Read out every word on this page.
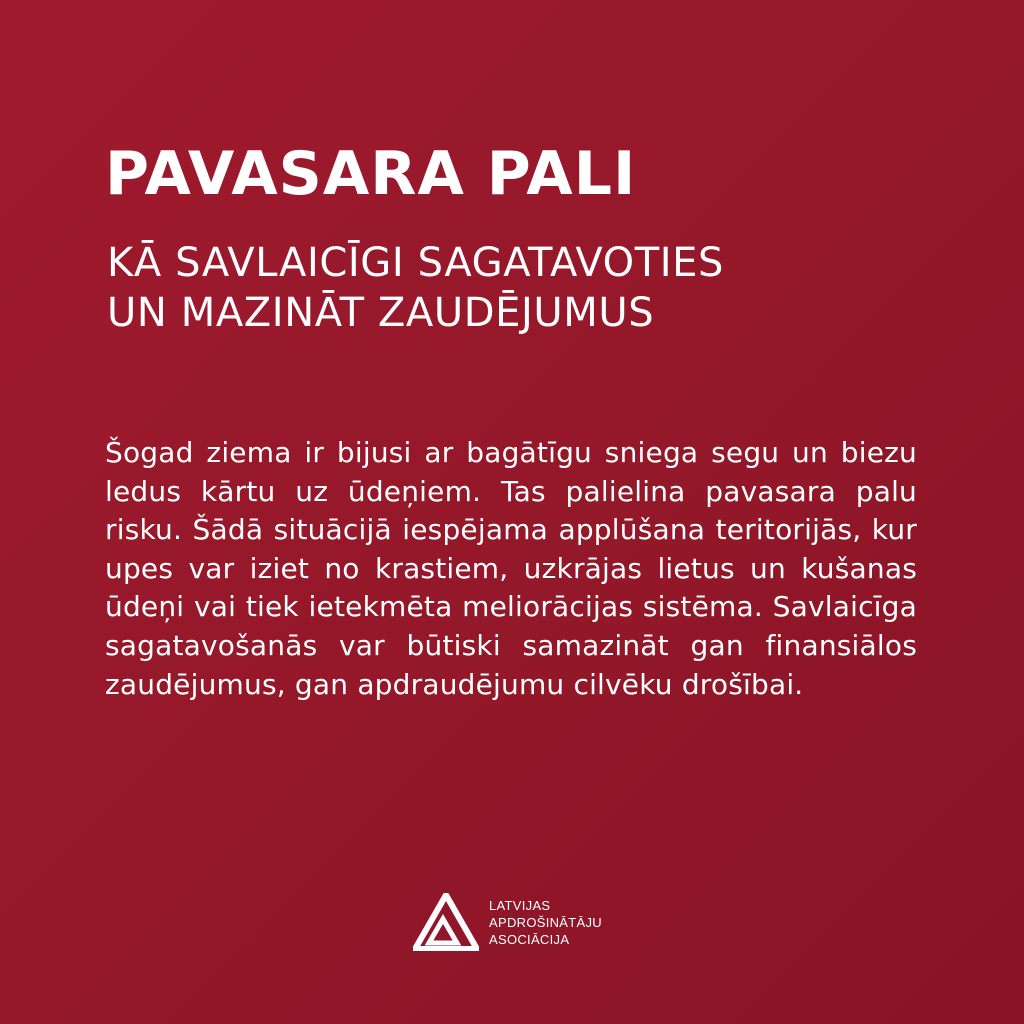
PAVASARA PALI
KĀ SAVLAICĪGI SAGATAVOTIES
UN MAZINĀT ZAUDĒJUMUS

Šogad ziema ir bijusi ar bagātīgu sniega segu un biezu ledus kārtu uz ūdeņiem. Tas palielina pavasara palu risku. Šādā situācijā iespējama applūšana teritorijās, kur upes var iziet no krastiem, uzkrājas lietus un kušanas ūdeņi vai tiek ietekmēta meliorācijas sistēma. Savlaicīga sagatavošanās var būtiski samazināt gan finansiālos zaudējumus, gan apdraudējumu cilvēku drošībai.

LATVIJAS
APDROŠINĀTĀJU
ASOCIĀCIJA
